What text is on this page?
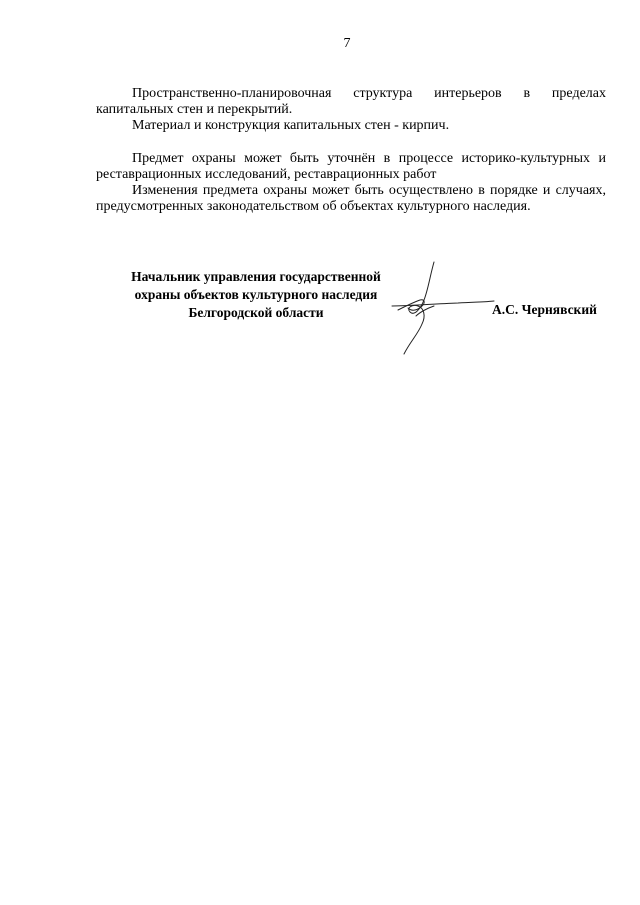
7

Пространственно-планировочная структура интерьеров в пределах капитальных стен и перекрытий.

Материал и конструкция капитальных стен - кирпич.

Предмет охраны может быть уточнён в процессе историко-культурных и реставрационных исследований, реставрационных работ

Изменения предмета охраны может быть осуществлено в порядке и случаях, предусмотренных законодательством об объектах культурного наследия.

Начальник управления государственной
охраны объектов культурного наследия
Белгородской области	А.С. Чернявский
